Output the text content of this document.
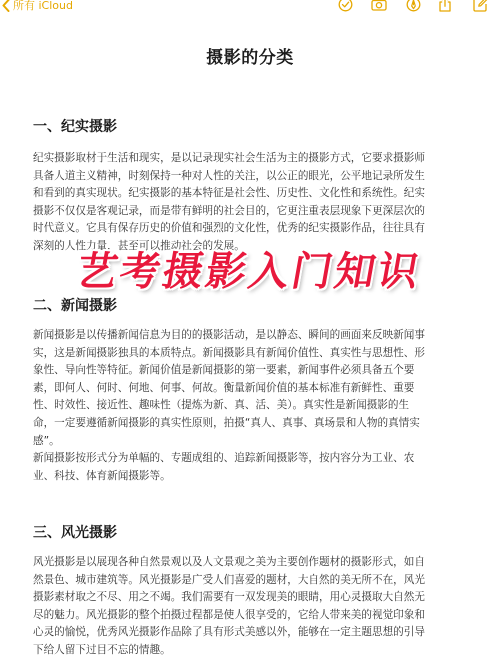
所有 iCloud
摄影的分类
一、纪实摄影

纪实摄影取材于生活和现实，是以记录现实社会生活为主的摄影方式，它要求摄影师

具备人道主义精神，时刻保持一种对人性的关注，以公正的眼光，公平地记录所发生

和看到的真实现状。纪实摄影的基本特征是社会性、历史性、文化性和系统性。纪实

摄影不仅仅是客观记录，而是带有鲜明的社会目的，它更注重表层现象下更深层次的

时代意义。它具有保存历史的价值和强烈的文化性，优秀的纪实摄影作品，往往具有

深刻的人性力量，甚至可以推动社会的发展。

二、新闻摄影

新闻摄影是以传播新闻信息为目的的摄影活动，是以静态、瞬间的画面来反映新闻事

实，这是新闻摄影独具的本质特点。新闻摄影具有新闻价值性、真实性与思想性、形

象性、导向性等特征。新闻价值是新闻摄影的第一要素，新闻事件必须具备五个要

素，即何人、何时、何地、何事、何故。衡量新闻价值的基本标准有新鲜性、重要

性、时效性、接近性、趣味性（提炼为新、真、活、美）。真实性是新闻摄影的生

命，一定要遵循新闻摄影的真实性原则，拍摄“真人、真事、真场景和人物的真情实

感”。

新闻摄影按形式分为单幅的、专题成组的、追踪新闻摄影等，按内容分为工业、农

业、科技、体育新闻摄影等。

三、风光摄影

风光摄影是以展现各种自然景观以及人文景观之美为主要创作题材的摄影形式，如自

然景色、城市建筑等。风光摄影是广受人们喜爱的题材，大自然的美无所不在，风光

摄影素材取之不尽、用之不竭。我们需要有一双发现美的眼睛，用心灵摄取大自然无

尽的魅力。风光摄影的整个拍摄过程都是使人很享受的，它给人带来美的视觉印象和

心灵的愉悦，优秀风光摄影作品除了具有形式美感以外，能够在一定主题思想的引导

下给人留下过目不忘的情趣。

艺考摄影入门知识
